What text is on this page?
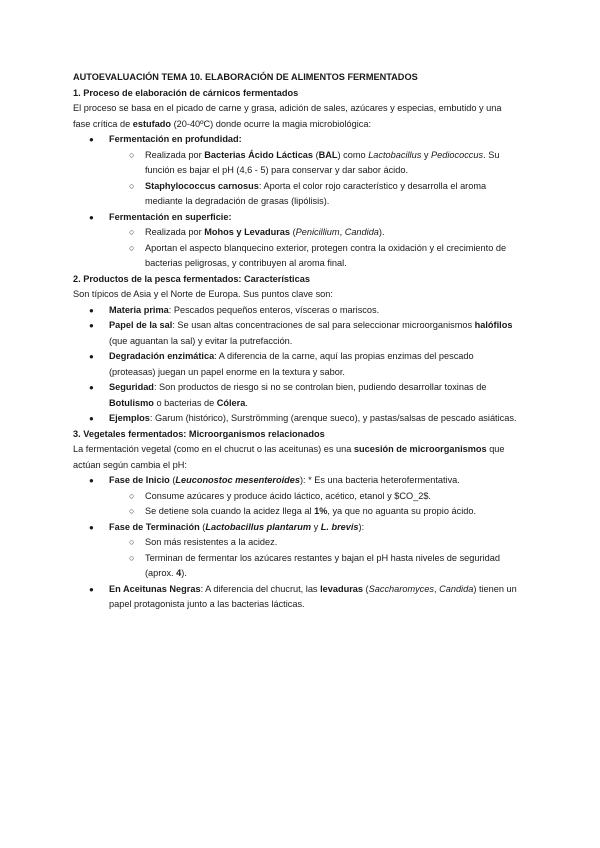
AUTOEVALUACIÓN TEMA 10. ELABORACIÓN DE ALIMENTOS FERMENTADOS

1. Proceso de elaboración de cárnicos fermentados

El proceso se basa en el picado de carne y grasa, adición de sales, azúcares y especias, embutido y una fase crítica de estufado (20-40ºC) donde ocurre la magia microbiológica:

● Fermentación en profundidad:
○ Realizada por Bacterias Ácido Lácticas (BAL) como Lactobacillus y Pediococcus. Su función es bajar el pH (4,6 - 5) para conservar y dar sabor ácido.
○ Staphylococcus carnosus: Aporta el color rojo característico y desarrolla el aroma mediante la degradación de grasas (lipólisis).
● Fermentación en superficie:
○ Realizada por Mohos y Levaduras (Penicillium, Candida).
○ Aportan el aspecto blanquecino exterior, protegen contra la oxidación y el crecimiento de bacterias peligrosas, y contribuyen al aroma final.

2. Productos de la pesca fermentados: Características

Son típicos de Asia y el Norte de Europa. Sus puntos clave son:

● Materia prima: Pescados pequeños enteros, vísceras o mariscos.
● Papel de la sal: Se usan altas concentraciones de sal para seleccionar microorganismos halófilos (que aguantan la sal) y evitar la putrefacción.
● Degradación enzimática: A diferencia de la carne, aquí las propias enzimas del pescado (proteasas) juegan un papel enorme en la textura y sabor.
● Seguridad: Son productos de riesgo si no se controlan bien, pudiendo desarrollar toxinas de Botulismo o bacterias de Cólera.
● Ejemplos: Garum (histórico), Surströmming (arenque sueco), y pastas/salsas de pescado asiáticas.

3. Vegetales fermentados: Microorganismos relacionados

La fermentación vegetal (como en el chucrut o las aceitunas) es una sucesión de microorganismos que actúan según cambia el pH:

● Fase de Inicio (Leuconostoc mesenteroides): * Es una bacteria heterofermentativa.
○ Consume azúcares y produce ácido láctico, acético, etanol y $CO_2$.
○ Se detiene sola cuando la acidez llega al 1%, ya que no aguanta su propio ácido.
● Fase de Terminación (Lactobacillus plantarum y L. brevis):
○ Son más resistentes a la acidez.
○ Terminan de fermentar los azúcares restantes y bajan el pH hasta niveles de seguridad (aprox. 4).
● En Aceitunas Negras: A diferencia del chucrut, las levaduras (Saccharomyces, Candida) tienen un papel protagonista junto a las bacterias lácticas.
